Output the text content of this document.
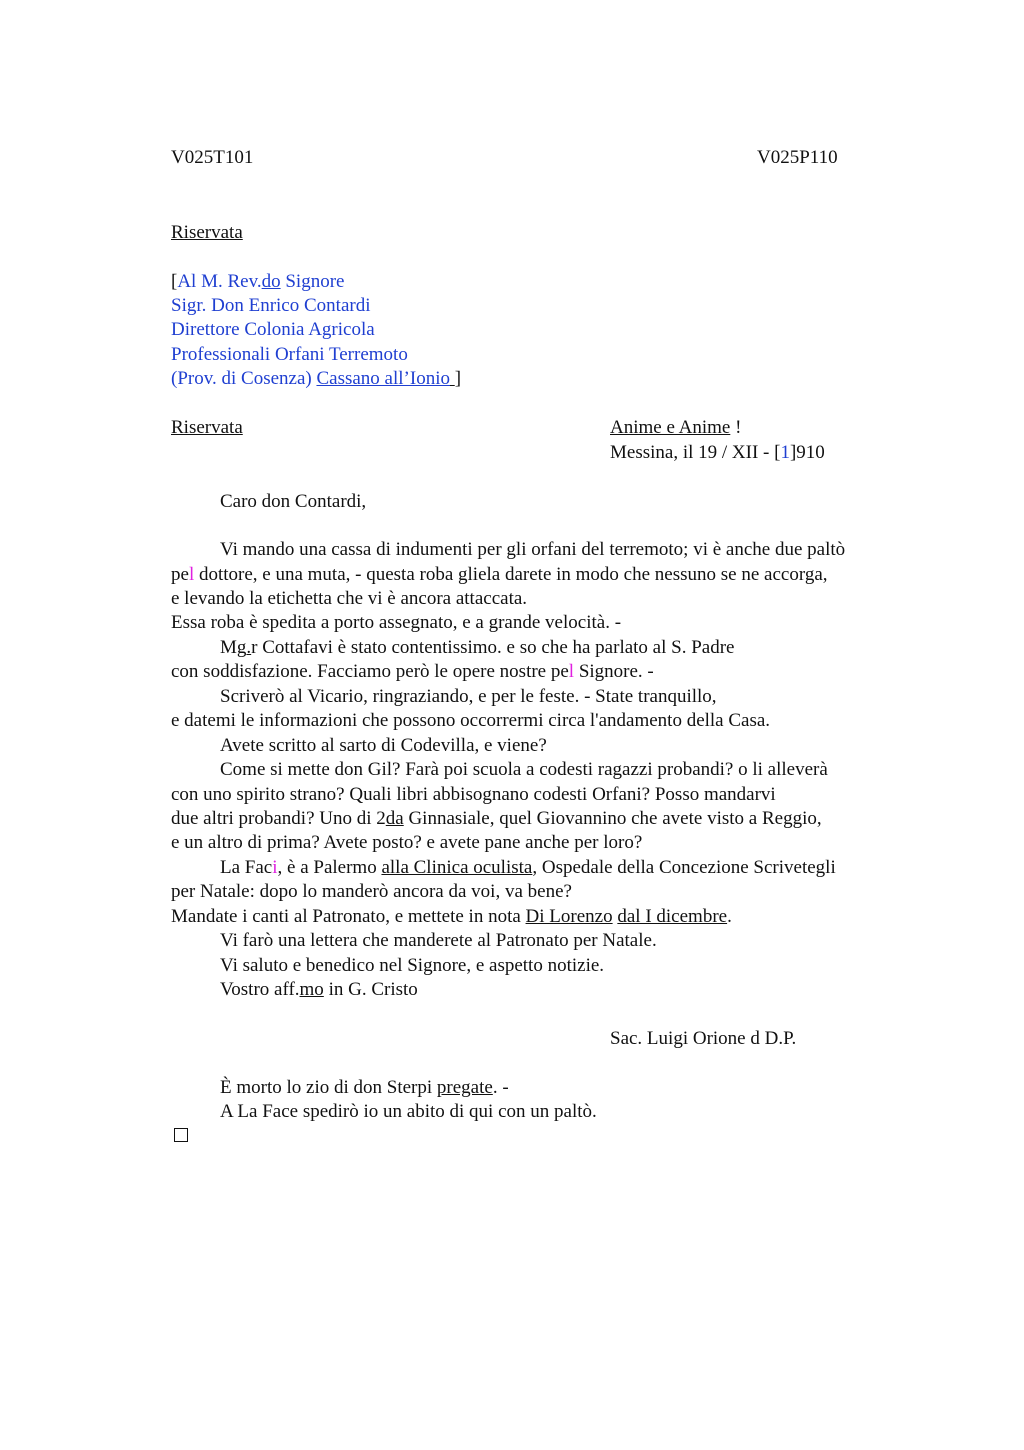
V025T101	V025P110
Riservata
[Al M. Rev.do Signore
Sigr. Don Enrico Contardi
Direttore Colonia Agricola
Professionali Orfani Terremoto
(Prov. di Cosenza) Cassano all’Ionio ]
Riservata	Anime e Anime !
Messina, il 19 / XII - [1]910
Caro don Contardi,
Vi mando una cassa di indumenti per gli orfani del terremoto; vi è anche due paltò
pel dottore, e una muta, - questa roba gliela darete in modo che nessuno se ne accorga,
e levando la etichetta che vi è ancora attaccata.
Essa roba è spedita a porto assegnato, e a grande velocità. -
Mg.r Cottafavi è stato contentissimo. e so che ha parlato al S. Padre
con soddisfazione. Facciamo però le opere nostre pel Signore. -
Scriverò al Vicario, ringraziando, e per le feste. - State tranquillo,
e datemi le informazioni che possono occorrermi circa l'andamento della Casa.
Avete scritto al sarto di Codevilla, e viene?
Come si mette don Gil? Farà poi scuola a codesti ragazzi probandi? o li alleverà
con uno spirito strano? Quali libri abbisognano codesti Orfani? Posso mandarvi
due altri probandi? Uno di 2da Ginnasiale, quel Giovannino che avete visto a Reggio,
e un altro di prima? Avete posto? e avete pane anche per loro?
La Faci, è a Palermo alla Clinica oculista, Ospedale della Concezione Scrivetegli
per Natale: dopo lo manderò ancora da voi, va bene?
Mandate i canti al Patronato, e mettete in nota Di Lorenzo dal I dicembre.
Vi farò una lettera che manderete al Patronato per Natale.
Vi saluto e benedico nel Signore, e aspetto notizie.
Vostro aff.mo in G. Cristo
Sac. Luigi Orione d D.P.
È morto lo zio di don Sterpi pregate. -
A La Face spedirò io un abito di qui con un paltò.
